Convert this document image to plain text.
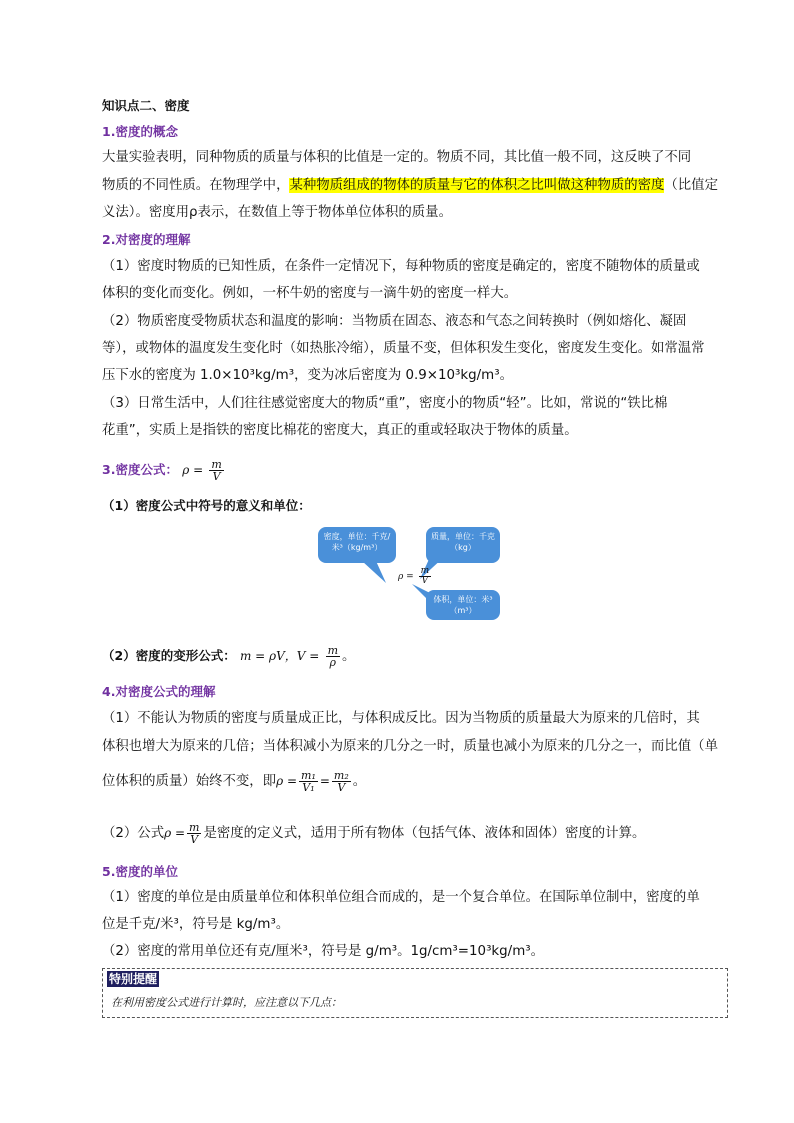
知识点二、密度
1.密度的概念
大量实验表明，同种物质的质量与体积的比值是一定的。物质不同，其比值一般不同，这反映了不同
物质的不同性质。在物理学中，某种物质组成的物体的质量与它的体积之比叫做这种物质的密度（比值定
义法）。密度用ρ表示，在数值上等于物体单位体积的质量。
2.对密度的理解
（1）密度时物质的已知性质，在条件一定情况下，每种物质的密度是确定的，密度不随物体的质量或
体积的变化而变化。例如，一杯牛奶的密度与一滴牛奶的密度一样大。
（2）物质密度受物质状态和温度的影响：当物质在固态、液态和气态之间转换时（例如熔化、凝固
等），或物体的温度发生变化时（如热胀冷缩），质量不变，但体积发生变化，密度发生变化。如常温常
压下水的密度为 1.0×10³kg/m³，变为冰后密度为 0.9×10³kg/m³。
（3）日常生活中，人们往往感觉密度大的物质“重”，密度小的物质“轻”。比如，常说的“铁比棉
花重”，实质上是指铁的密度比棉花的密度大，真正的重或轻取决于物体的质量。
3.密度公式： $\rho = \frac{m}{V}$
（1）密度公式中符号的意义和单位：
密度，单位：千克/米³（kg/m³）
质量，单位：千克（kg）
体积，单位：米³（m³）
$\rho = \frac{m}{V}$
（2）密度的变形公式： m = ρV，$V = \frac{m}{\rho}$ 。
4.对密度公式的理解
（1）不能认为物质的密度与质量成正比，与体积成反比。因为当物质的质量最大为原来的几倍时，其
体积也增大为原来的几倍；当体积减小为原来的几分之一时，质量也减小为原来的几分之一，而比值（单
位体积的质量）始终不变，即$\rho = \frac{\text{m₁}}{\text{V₁}} = \frac{\text{m₂}}{V}$ 。
（2）公式$\rho = \frac{m}{V}$ 是密度的定义式，适用于所有物体（包括气体、液体和固体）密度的计算。
5.密度的单位
（1）密度的单位是由质量单位和体积单位组合而成的，是一个复合单位。在国际单位制中，密度的单
位是千克/米³，符号是 kg/m³。
（2）密度的常用单位还有克/厘米³，符号是 g/m³。1g/cm³=10³kg/m³。
特别提醒
在利用密度公式进行计算时，应注意以下几点：
